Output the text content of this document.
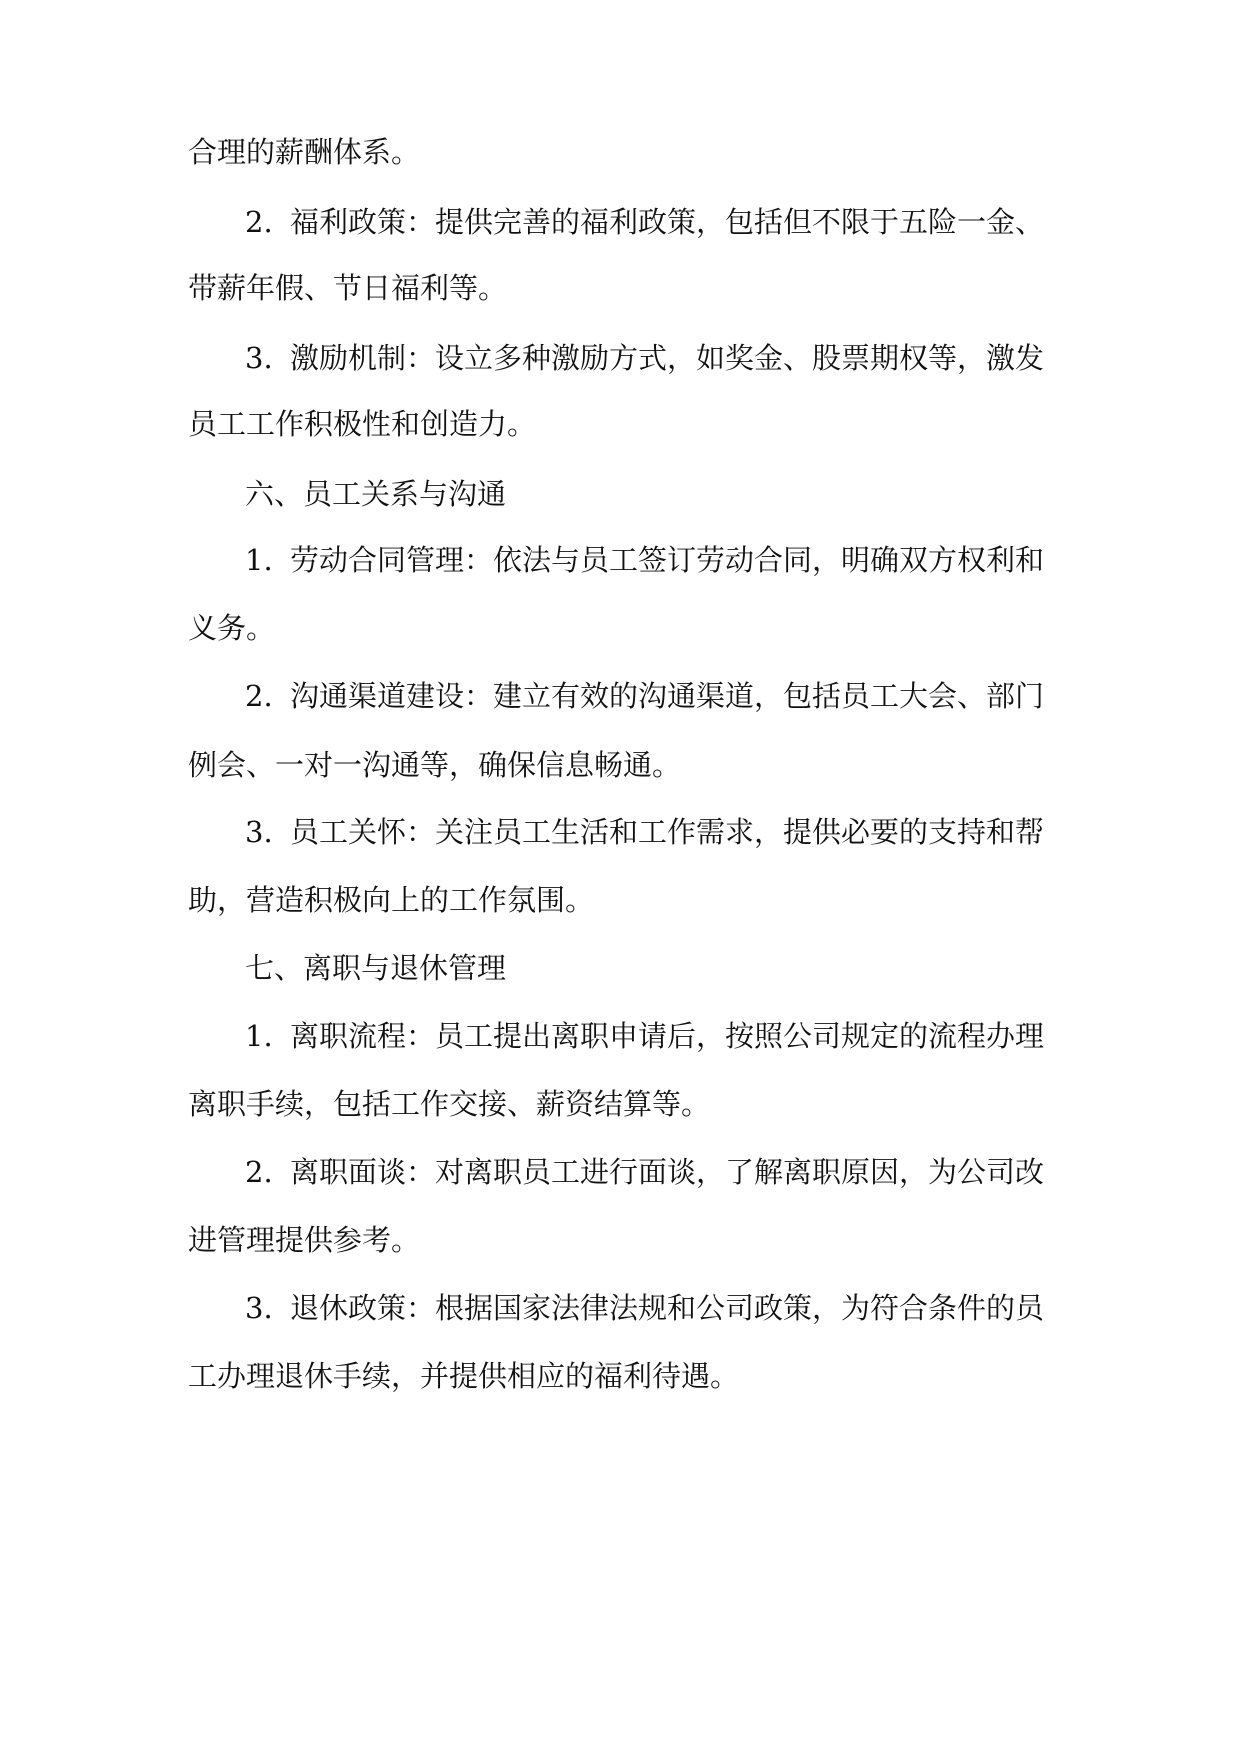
合理的薪酬体系。

2. 福利政策：提供完善的福利政策，包括但不限于五险一金、

带薪年假、节日福利等。

3. 激励机制：设立多种激励方式，如奖金、股票期权等，激发

员工工作积极性和创造力。

六、员工关系与沟通

1. 劳动合同管理：依法与员工签订劳动合同，明确双方权利和

义务。

2. 沟通渠道建设：建立有效的沟通渠道，包括员工大会、部门

例会、一对一沟通等，确保信息畅通。

3. 员工关怀：关注员工生活和工作需求，提供必要的支持和帮

助，营造积极向上的工作氛围。

七、离职与退休管理

1. 离职流程：员工提出离职申请后，按照公司规定的流程办理

离职手续，包括工作交接、薪资结算等。

2. 离职面谈：对离职员工进行面谈，了解离职原因，为公司改

进管理提供参考。

3. 退休政策：根据国家法律法规和公司政策，为符合条件的员

工办理退休手续，并提供相应的福利待遇。
